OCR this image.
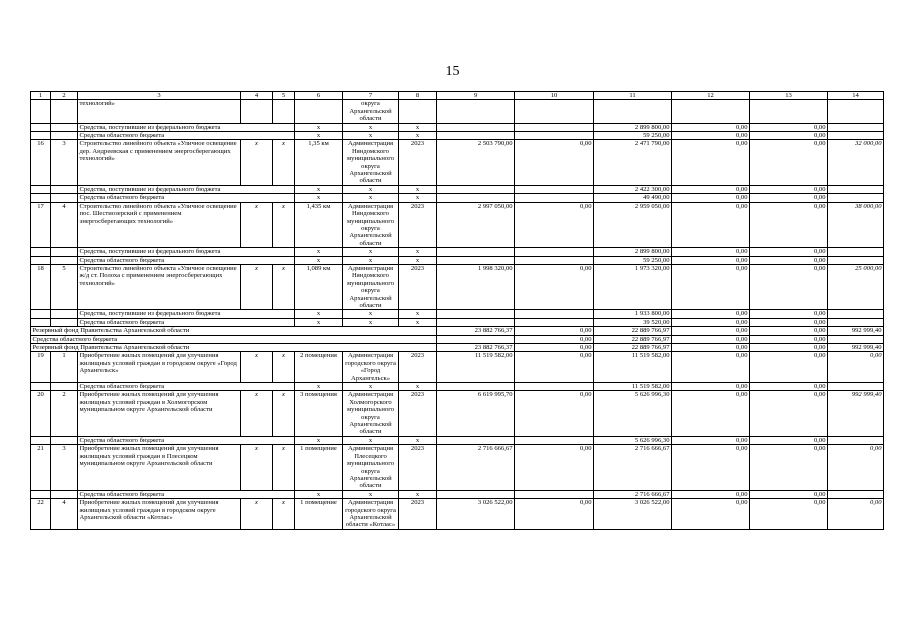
15
1	2	3	4	5	6	7	8	9	10	11	12	13	14
		технологий»				округа Архангельской области							
		Средства, поступившие из федерального бюджета			х	х	х			2 899 800,00	0,00	0,00	
		Средства областного бюджета			х	х	х			59 250,00	0,00	0,00	
16	3	Строительство линейного объекта «Уличное освещение дер. Андреевская с применением энергосберегающих технологий»	х	х	1,35 км	Администрация Няндомского муниципального округа Архангельской области	2023	2 503 790,00	0,00	2 471 790,00	0,00	0,00	32 000,00
		Средства, поступившие из федерального бюджета			х	х	х			2 422 300,00	0,00	0,00	
		Средства областного бюджета			х	х	х			49 490,00	0,00	0,00	
17	4	Строительство линейного объекта «Уличное освещение пос. Шестиозерский с применением энергосберегающих технологий»	х	х	1,435 км	Администрация Няндомского муниципального округа Архангельской области	2023	2 997 050,00	0,00	2 959 050,00	0,00	0,00	38 000,00
		Средства, поступившие из федерального бюджета			х	х	х			2 899 800,00	0,00	0,00	
		Средства областного бюджета			х	х	х			59 250,00	0,00	0,00	
18	5	Строительство линейного объекта «Уличное освещение ж/д ст. Полоха с применением энергосберегающих технологий»	х	х	1,089 км	Администрация Няндомского муниципального округа Архангельской области	2023	1 998 320,00	0,00	1 973 320,00	0,00	0,00	25 000,00
		Средства, поступившие из федерального бюджета			х	х	х			1 933 800,00	0,00	0,00	
		Средства областного бюджета			х	х	х			39 520,00	0,00	0,00	
Резервный фонд Правительства Архангельской области								23 882 766,37	0,00	22 889 766,97	0,00	0,00	992 999,40
Средства областного бюджета									0,00	22 889 766,97	0,00	0,00	
Резервный фонд Правительства Архангельской области								23 882 766,37	0,00	22 889 766,97	0,00	0,00	992 999,40
19	1	Приобретение жилых помещений для улучшения жилищных условий граждан в городском округе «Город Архангельск»	х	х	2 помещения	Администрация городского округа «Город Архангельск»	2023	11 519 582,00	0,00	11 519 582,00	0,00	0,00	0,00
		Средства областного бюджета			х	х	х			11 519 582,00	0,00	0,00	
20	2	Приобретение жилых помещений для улучшения жилищных условий граждан в Холмогорском муниципальном округе Архангельской области	х	х	3 помещения	Администрация Холмогорского муниципального округа Архангельской области	2023	6 619 995,70	0,00	5 626 996,30	0,00	0,00	992 999,40
		Средства областного бюджета			х	х	х			5 626 996,30	0,00	0,00	
21	3	Приобретение жилых помещений для улучшения жилищных условий граждан в Плесецком муниципальном округе Архангельской области	х	х	1 помещение	Администрация Плесецкого муниципального округа Архангельской области	2023	2 716 666,67	0,00	2 716 666,67	0,00	0,00	0,00
		Средства областного бюджета			х	х	х			2 716 666,67	0,00	0,00	
22	4	Приобретение жилых помещений для улучшения жилищных условий граждан в городском округе Архангельской области «Котлас»	х	х	1 помещение	Администрация городского округа Архангельской области «Котлас»	2023	3 026 522,00	0,00	3 026 522,00	0,00	0,00	0,00
